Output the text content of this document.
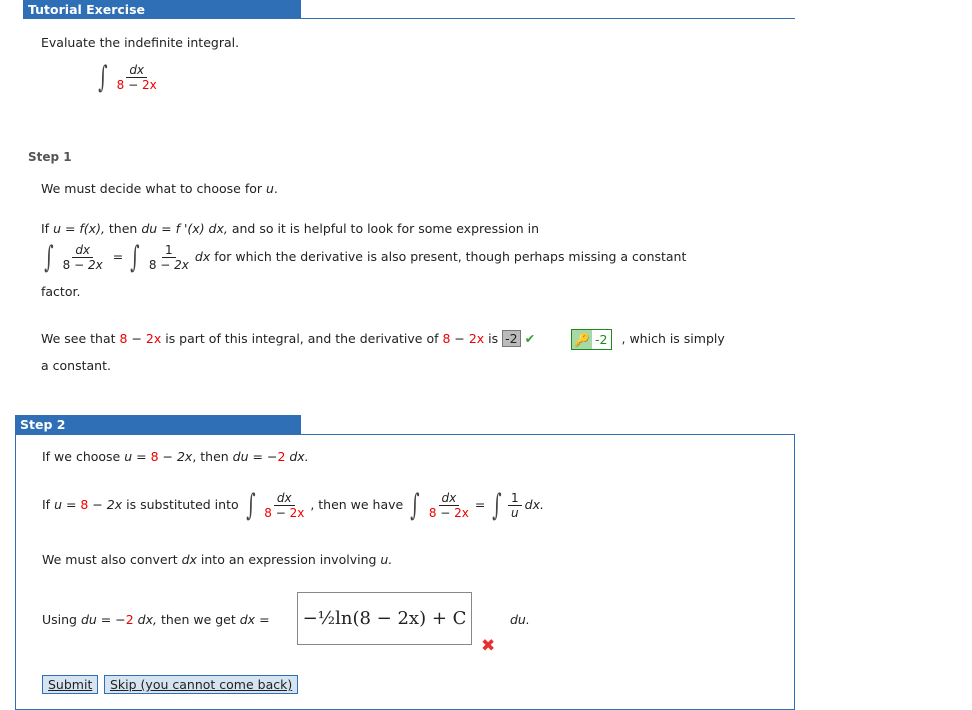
Tutorial Exercise
Evaluate the indefinite integral.
∫ $\frac{dx}{8 - 2x}$
Step 1
We must decide what to choose for u.
If u = f(x), then du = f '(x) dx, and so it is helpful to look for some expression in
∫ $\frac{dx}{8 - 2x}$ = ∫ $\frac{1}{8 - 2x}$ dx for which the derivative is also present, though perhaps missing a constant
factor.
We see that 8 − 2x is part of this integral, and the derivative of 8 − 2x is -2 ✔	🔑 -2 , which is simply
a constant.
Step 2
If we choose u = 8 − 2x, then du = −2 dx.
If u = 8 − 2x is substituted into ∫ $\frac{dx}{8 - 2x}$ , then we have ∫ $\frac{dx}{8 - 2x}$ = ∫ $\frac{1}{u}$ dx.
We must also convert dx into an expression involving u.
Using du = −2 dx, then we get dx = −½ln(8 − 2x) + C	du.
✖
Submit	Skip (you cannot come back)
